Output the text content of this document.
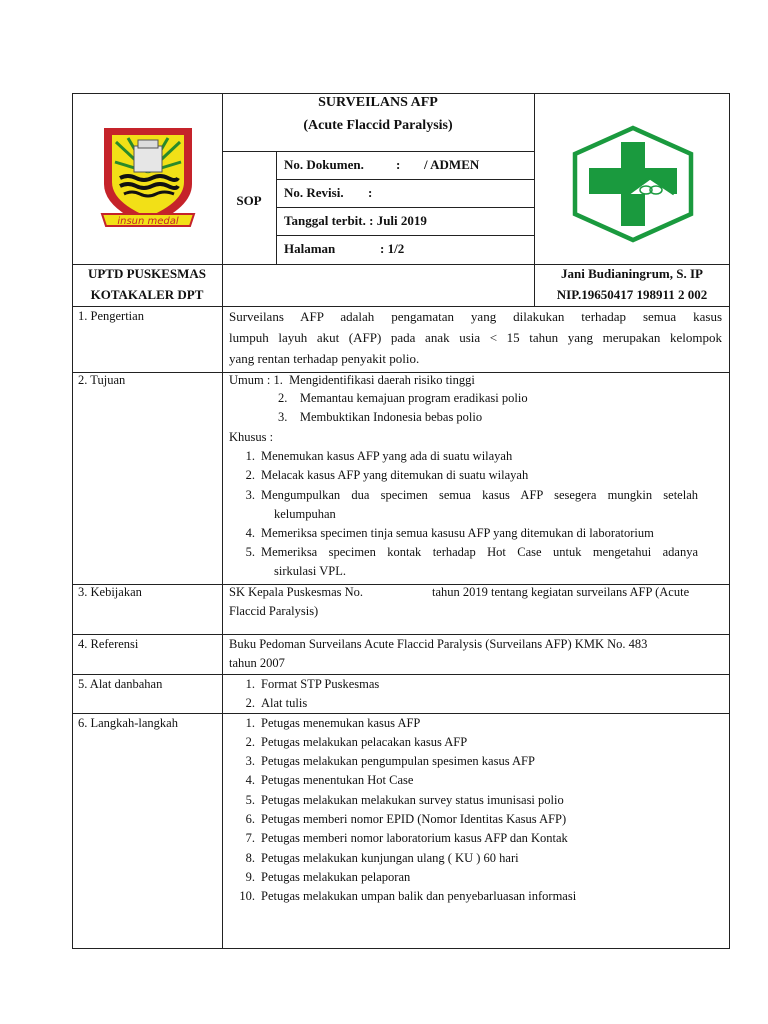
insun medal
SURVEILANS AFP
(Acute Flaccid Paralysis)
SOP
No. Dokumen. : / ADMEN
No. Revisi. :
Tanggal terbit. : Juli 2019
Halaman	: 1/2
UPTD PUSKESMAS
KOTAKALER DPT
Jani Budianingrum, S. IP
NIP.19650417 198911 2 002
1. Pengertian	Surveilans AFP adalah pengamatan yang dilakukan terhadap semua kasus
lumpuh layuh akut (AFP) pada anak usia < 15 tahun yang merupakan kelompok
yang rentan terhadap penyakit polio.
2. Tujuan	Umum : 1.  Mengidentifikasi daerah risiko tinggi
2.    Memantau kemajuan program eradikasi polio
3.    Membuktikan Indonesia bebas polio
Khusus :
1. Menemukan kasus AFP yang ada di suatu wilayah
2. Melacak kasus AFP yang ditemukan di suatu wilayah
3. Mengumpulkan dua specimen semua kasus AFP sesegera mungkin setelah
kelumpuhan
4. Memeriksa specimen tinja semua kasusu AFP yang ditemukan di laboratorium
5. Memeriksa specimen kontak terhadap Hot Case untuk mengetahui adanya
sirkulasi VPL.
3. Kebijakan	SK Kepala Puskesmas No.	tahun 2019 tentang kegiatan surveilans AFP (Acute
Flaccid Paralysis)
4. Referensi	Buku Pedoman Surveilans Acute Flaccid Paralysis (Surveilans AFP) KMK No. 483
tahun 2007
5. Alat danbahan	1. Format STP Puskesmas
2. Alat tulis
6. Langkah-langkah	1. Petugas menemukan kasus AFP
2. Petugas melakukan pelacakan kasus AFP
3. Petugas melakukan pengumpulan spesimen kasus AFP
4. Petugas menentukan Hot Case
5. Petugas melakukan melakukan survey status imunisasi polio
6. Petugas memberi nomor EPID (Nomor Identitas Kasus AFP)
7. Petugas memberi nomor laboratorium kasus AFP dan Kontak
8. Petugas melakukan kunjungan ulang ( KU ) 60 hari
9. Petugas melakukan pelaporan
10. Petugas melakukan umpan balik dan penyebarluasan informasi
